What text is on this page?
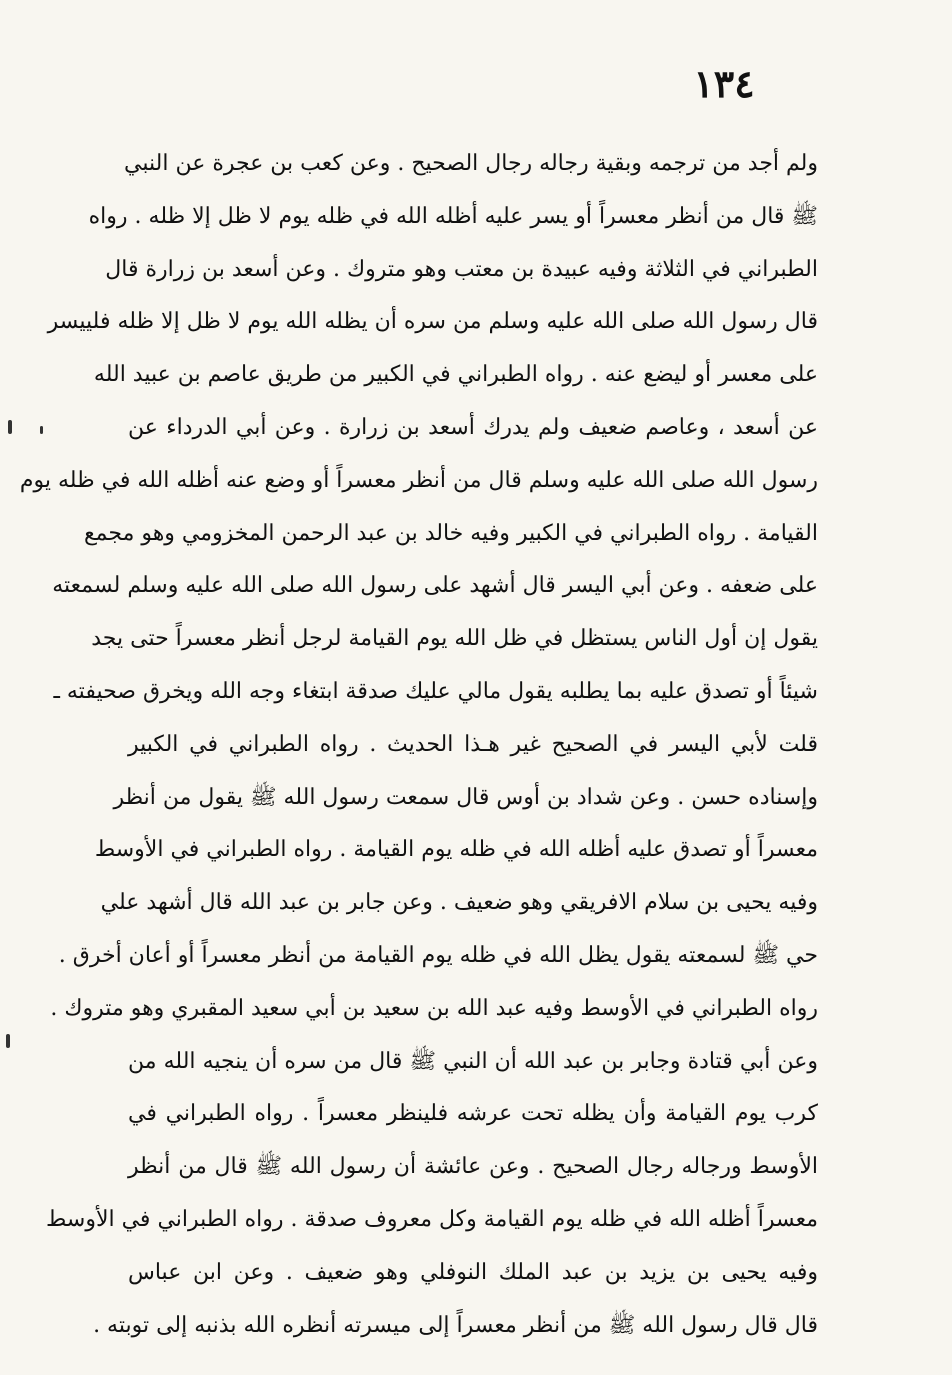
١٣٤
ولم أجد من ترجمه وبقية رجاله رجال الصحيح . وعن كعب بن عجرة عن النبي
ﷺ قال من أنظر معسراً أو يسر عليه أظله الله في ظله يوم لا ظل إلا ظله . رواه
الطبراني في الثلاثة وفيه عبيدة بن معتب وهو متروك . وعن أسعد بن زرارة قال
قال رسول الله صلى الله عليه وسلم من سره أن يظله الله يوم لا ظل إلا ظله فلييسر
على معسر أو ليضع عنه . رواه الطبراني في الكبير من طريق عاصم بن عبيد الله
عن أسعد ، وعاصم ضعيف ولم يدرك أسعد بن زرارة . وعن أبي الدرداء عن
رسول الله صلى الله عليه وسلم قال من أنظر معسراً أو وضع عنه أظله الله في ظله يوم
القيامة . رواه الطبراني في الكبير وفيه خالد بن عبد الرحمن المخزومي وهو مجمع
على ضعفه . وعن أبي اليسر قال أشهد على رسول الله صلى الله عليه وسلم لسمعته
يقول إن أول الناس يستظل في ظل الله يوم القيامة لرجل أنظر معسراً حتى يجد
شيئاً أو تصدق عليه بما يطلبه يقول مالي عليك صدقة ابتغاء وجه الله ويخرق صحيفته ـ
قلت لأبي اليسر في الصحيح غير هـذا الحديث . رواه الطبراني في الكبير
وإسناده حسن . وعن شداد بن أوس قال سمعت رسول الله ﷺ يقول من أنظر
معسراً أو تصدق عليه أظله الله في ظله يوم القيامة . رواه الطبراني في الأوسط
وفيه يحيى بن سلام الافريقي وهو ضعيف . وعن جابر بن عبد الله قال أشهد علي
حي ﷺ لسمعته يقول يظل الله في ظله يوم القيامة من أنظر معسراً أو أعان أخرق .
رواه الطبراني في الأوسط وفيه عبد الله بن سعيد بن أبي سعيد المقبري وهو متروك .
وعن أبي قتادة وجابر بن عبد الله أن النبي ﷺ قال من سره أن ينجيه الله من
كرب يوم القيامة وأن يظله تحت عرشه فلينظر معسراً . رواه الطبراني في
الأوسط ورجاله رجال الصحيح . وعن عائشة أن رسول الله ﷺ قال من أنظر
معسراً أظله الله في ظله يوم القيامة وكل معروف صدقة . رواه الطبراني في الأوسط
وفيه يحيى بن يزيد بن عبد الملك النوفلي وهو ضعيف . وعن ابن عباس
قال قال رسول الله ﷺ من أنظر معسراً إلى ميسرته أنظره الله بذنبه إلى توبته .
